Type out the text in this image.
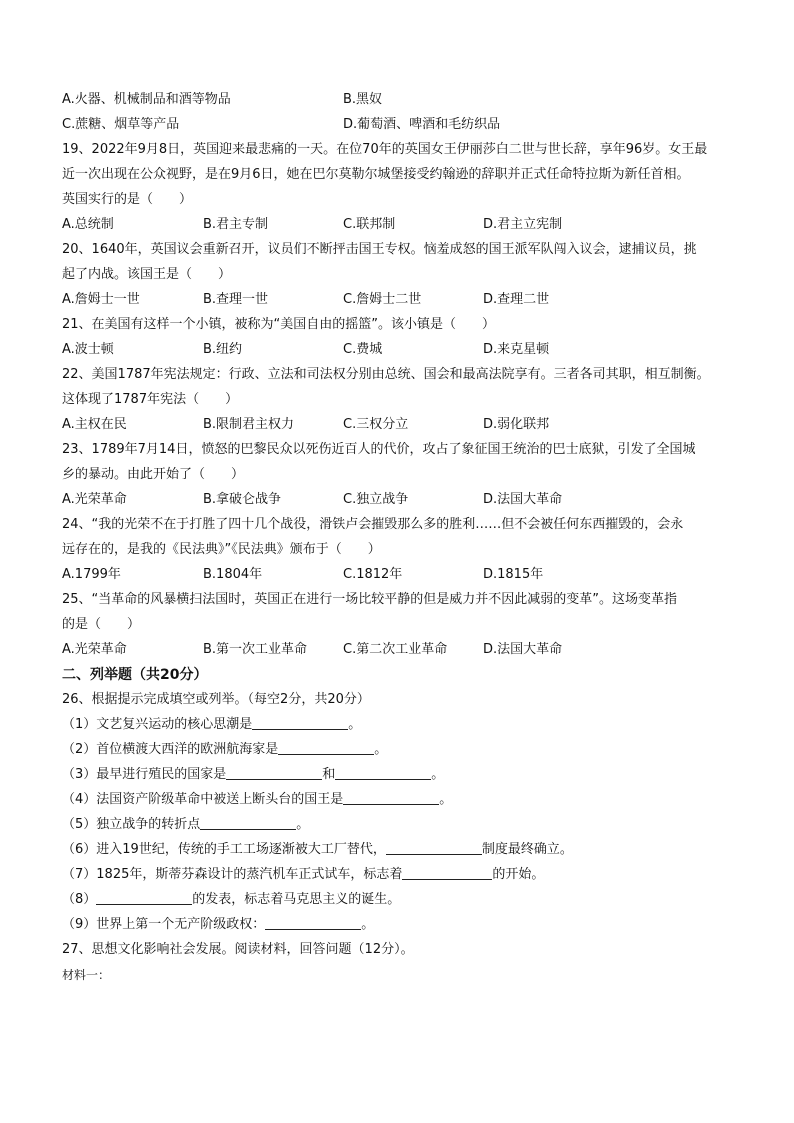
A.火器、机械制品和酒等物品	B.黑奴
C.蔗糖、烟草等产品	D.葡萄酒、啤酒和毛纺织品
19、2022年9月8日，英国迎来最悲痛的一天。在位70年的英国女王伊丽莎白二世与世长辞，享年96岁。女王最
近一次出现在公众视野，是在9月6日，她在巴尔莫勒尔城堡接受约翰逊的辞职并正式任命特拉斯为新任首相。
英国实行的是（　　）
A.总统制	B.君主专制	C.联邦制	D.君主立宪制
20、1640年，英国议会重新召开，议员们不断抨击国王专权。恼羞成怒的国王派军队闯入议会，逮捕议员，挑
起了内战。该国王是（　　）
A.詹姆士一世	B.查理一世	C.詹姆士二世	D.查理二世
21、在美国有这样一个小镇，被称为“美国自由的摇篮”。该小镇是（　　）
A.波士顿	B.纽约	C.费城	D.来克星顿
22、美国1787年宪法规定：行政、立法和司法权分别由总统、国会和最高法院享有。三者各司其职，相互制衡。
这体现了1787年宪法（　　）
A.主权在民	B.限制君主权力	C.三权分立	D.弱化联邦
23、1789年7月14日，愤怒的巴黎民众以死伤近百人的代价，攻占了象征国王统治的巴士底狱，引发了全国城
乡的暴动。由此开始了（　　）
A.光荣革命	B.拿破仑战争	C.独立战争	D.法国大革命
24、“我的光荣不在于打胜了四十几个战役，滑铁卢会摧毁那么多的胜利……但不会被任何东西摧毁的，会永
远存在的，是我的《民法典》”《民法典》颁布于（　　）
A.1799年	B.1804年	C.1812年	D.1815年
25、“当革命的风暴横扫法国时，英国正在进行一场比较平静的但是威力并不因此减弱的变革”。这场变革指
的是（　　）
A.光荣革命	B.第一次工业革命	C.第二次工业革命	D.法国大革命
二、列举题（共20分）
26、根据提示完成填空或列举。（每空2分，共20分）
（1）文艺复兴运动的核心思潮是	。
（2）首位横渡大西洋的欧洲航海家是	。
（3）最早进行殖民的国家是	和	。
（4）法国资产阶级革命中被送上断头台的国王是	。
（5）独立战争的转折点	。
（6）进入19世纪，传统的手工工场逐渐被大工厂替代，	制度最终确立。
（7）1825年，斯蒂芬森设计的蒸汽机车正式试车，标志着	的开始。
（8）	的发表，标志着马克思主义的诞生。
（9）世界上第一个无产阶级政权：	。
27、思想文化影响社会发展。阅读材料，回答问题（12分）。
材料一：
